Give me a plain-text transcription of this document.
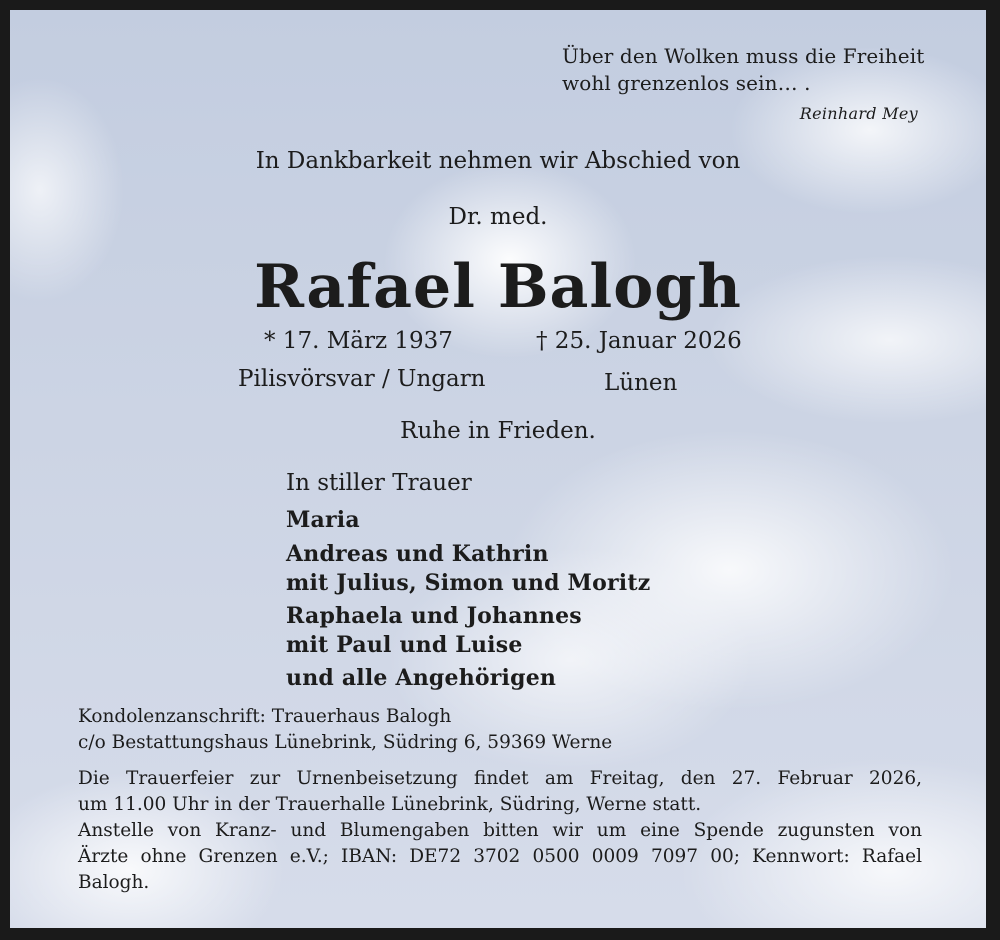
Über den Wolken muss die Freiheit
wohl grenzenlos sein… .
Reinhard Mey
In Dankbarkeit nehmen wir Abschied von
Dr. med.
Rafael Balogh
* 17. März 1937
Pilisvörsvar / Ungarn
† 25. Januar 2026
Lünen
Ruhe in Frieden.
In stiller Trauer
Maria
Andreas und Kathrin
mit Julius, Simon und Moritz
Raphaela und Johannes
mit Paul und Luise
und alle Angehörigen
Kondolenzanschrift: Trauerhaus Balogh
c/o Bestattungshaus Lünebrink, Südring 6, 59369 Werne
Die Trauerfeier zur Urnenbeisetzung findet am Freitag, den 27. Februar 2026,
um 11.00 Uhr in der Trauerhalle Lünebrink, Südring, Werne statt.
Anstelle von Kranz- und Blumengaben bitten wir um eine Spende zugunsten von
Ärzte ohne Grenzen e.V.; IBAN: DE72 3702 0500 0009 7097 00; Kennwort: Rafael
Balogh.
